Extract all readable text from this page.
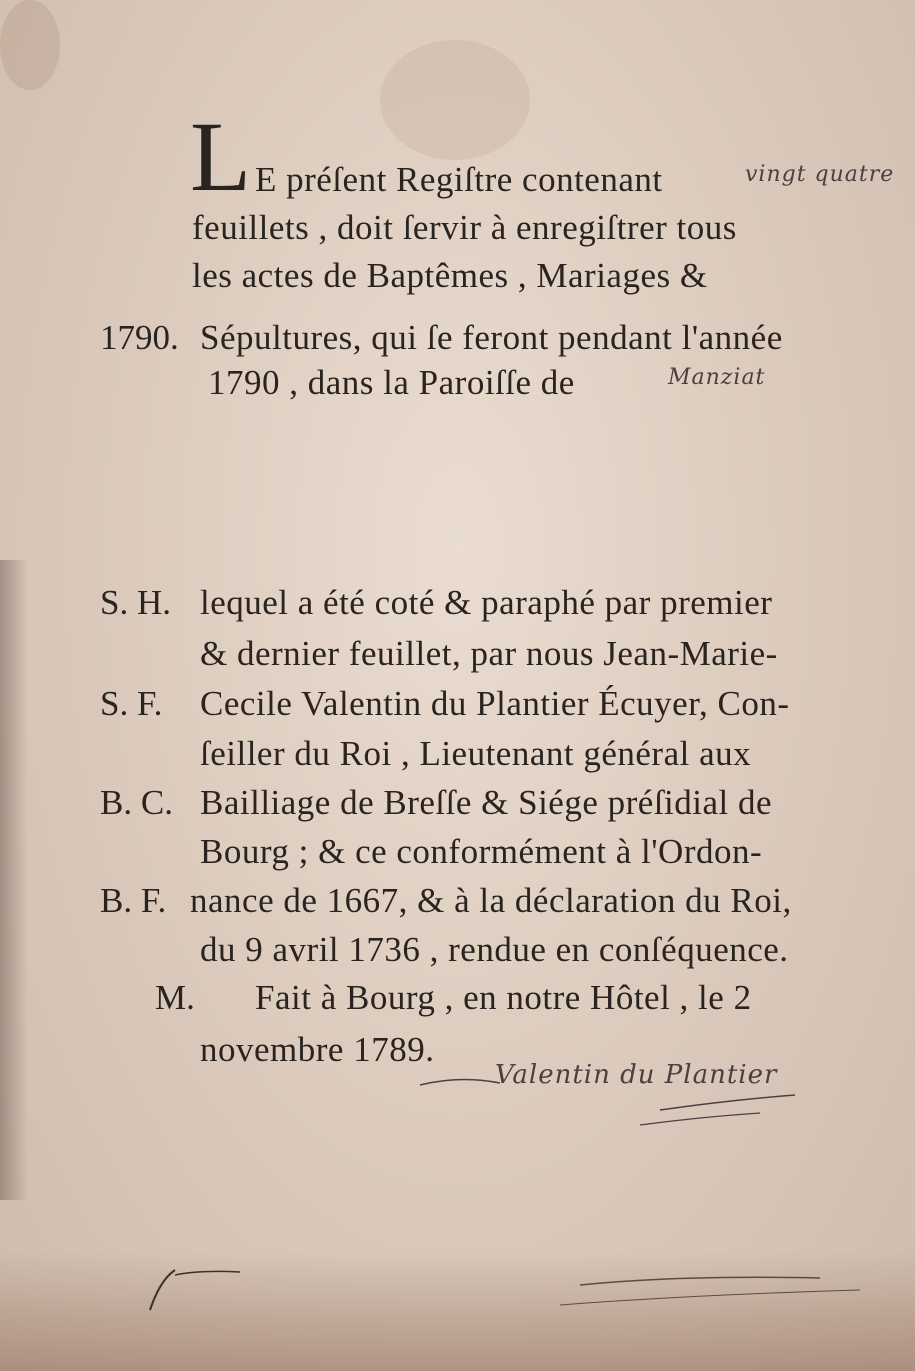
L E préſent Regiſtre contenant	vingt quatre
feuillets , doit ſervir à enregiſtrer tous
les actes de Baptêmes , Mariages &
1790. Sépultures, qui ſe feront pendant l'année
1790 , dans la Paroiſſe de	Manziat
S. H. lequel a été coté & paraphé par premier
& dernier feuillet, par nous Jean-Marie-
S. F. Cecile Valentin du Plantier Écuyer, Con-
ſeiller du Roi , Lieutenant général aux
B. C. Bailliage de Breſſe & Siége préſidial de
Bourg ; & ce conformément à l'Ordon-
B. F. nance de 1667, & à la déclaration du Roi,
du 9 avril 1736 , rendue en conſéquence.
M. Fait à Bourg , en notre Hôtel , le 2
novembre 1789.
Valentin du Plantier
